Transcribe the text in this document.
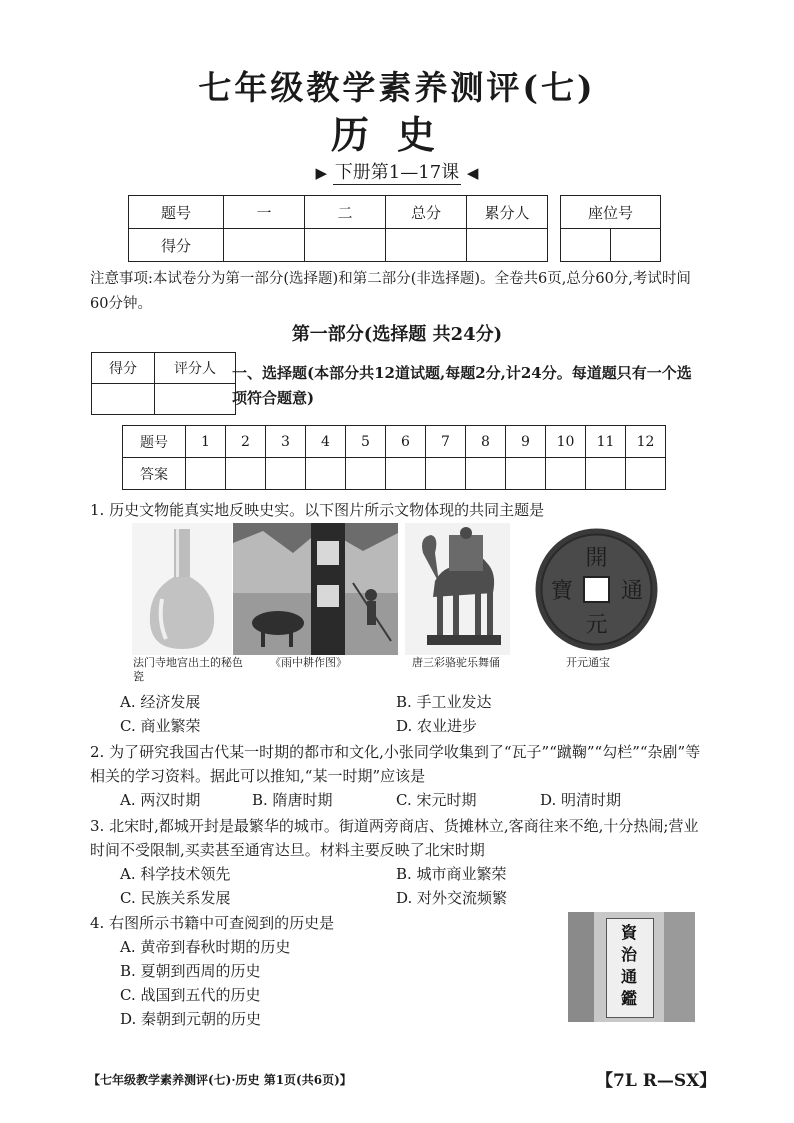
七年级教学素养测评(七)
历史
▶ 下册第1—17课 ◀
题号	一	二	总分	累分人
得分				
座位号

注意事项:本试卷分为第一部分(选择题)和第二部分(非选择题)。全卷共6页,总分60分,考试时间60分钟。
第一部分(选择题 共24分)
得分	评分人
	一、选择题(本部分共12道试题,每题2分,计24分。每道题只有一个选项符合题意)
题号	1	2	3	4	5	6	7	8	9	10	11	12
答案												
1. 历史文物能真实地反映史实。以下图片所示文物体现的共同主题是
法门寺地宫出土的秘色瓷
《雨中耕作图》	唐三彩骆驼乐舞俑
開
元
通
寶
开元通宝
A. 经济发展	B. 手工业发达
C. 商业繁荣	D. 农业进步
2. 为了研究我国古代某一时期的都市和文化,小张同学收集到了“瓦子”“蹴鞠”“勾栏”“杂剧”等相关的学习资料。据此可以推知,“某一时期”应该是
A. 两汉时期	B. 隋唐时期	C. 宋元时期	D. 明清时期
3. 北宋时,都城开封是最繁华的城市。街道两旁商店、货摊林立,客商往来不绝,十分热闹;营业时间不受限制,买卖甚至通宵达旦。材料主要反映了北宋时期
A. 科学技术领先	B. 城市商业繁荣
C. 民族关系发展	D. 对外交流频繁
4. 右图所示书籍中可查阅到的历史是
A. 黄帝到春秋时期的历史
B. 夏朝到西周的历史
C. 战国到五代的历史
D. 秦朝到元朝的历史
資治通鑑
【七年级教学素养测评(七)·历史 第1页(共6页)】	【7L R—SX】
